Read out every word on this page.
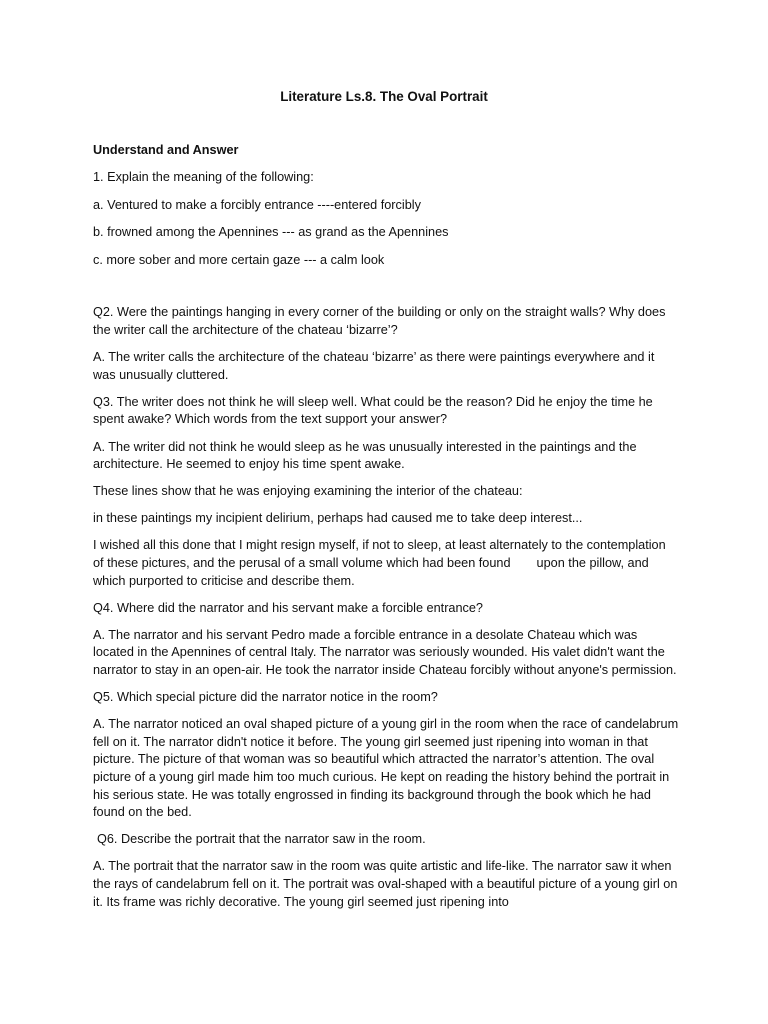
Literature Ls.8. The Oval Portrait

Understand and Answer

1. Explain the meaning of the following:

a. Ventured to make a forcibly entrance ----entered forcibly

b. frowned among the Apennines --- as grand as the Apennines

c. more sober and more certain gaze --- a calm look

Q2. Were the paintings hanging in every corner of the building or only on the straight walls? Why does the writer call the architecture of the chateau ‘bizarre’?

A. The writer calls the architecture of the chateau ‘bizarre’ as there were paintings everywhere and it was unusually cluttered.

Q3. The writer does not think he will sleep well. What could be the reason? Did he enjoy the time he spent awake? Which words from the text support your answer?

A. The writer did not think he would sleep as he was unusually interested in the paintings and the architecture. He seemed to enjoy his time spent awake.

These lines show that he was enjoying examining the interior of the chateau:

in these paintings my incipient delirium, perhaps had caused me to take deep interest...

I wished all this done that I might resign myself, if not to sleep, at least alternately to the contemplation of these pictures, and the perusal of a small volume which had been found upon the pillow, and which purported to criticise and describe them.

Q4. Where did the narrator and his servant make a forcible entrance?

A. The narrator and his servant Pedro made a forcible entrance in a desolate Chateau which was located in the Apennines of central Italy. The narrator was seriously wounded. His valet didn't want the narrator to stay in an open-air. He took the narrator inside Chateau forcibly without anyone's permission.

Q5. Which special picture did the narrator notice in the room?

A. The narrator noticed an oval shaped picture of a young girl in the room when the race of candelabrum fell on it. The narrator didn't notice it before. The young girl seemed just ripening into woman in that picture. The picture of that woman was so beautiful which attracted the narrator’s attention. The oval picture of a young girl made him too much curious. He kept on reading the history behind the portrait in his serious state. He was totally engrossed in finding its background through the book which he had found on the bed.

Q6. Describe the portrait that the narrator saw in the room.

A. The portrait that the narrator saw in the room was quite artistic and life-like. The narrator saw it when the rays of candelabrum fell on it. The portrait was oval-shaped with a beautiful picture of a young girl on it. Its frame was richly decorative. The young girl seemed just ripening into
